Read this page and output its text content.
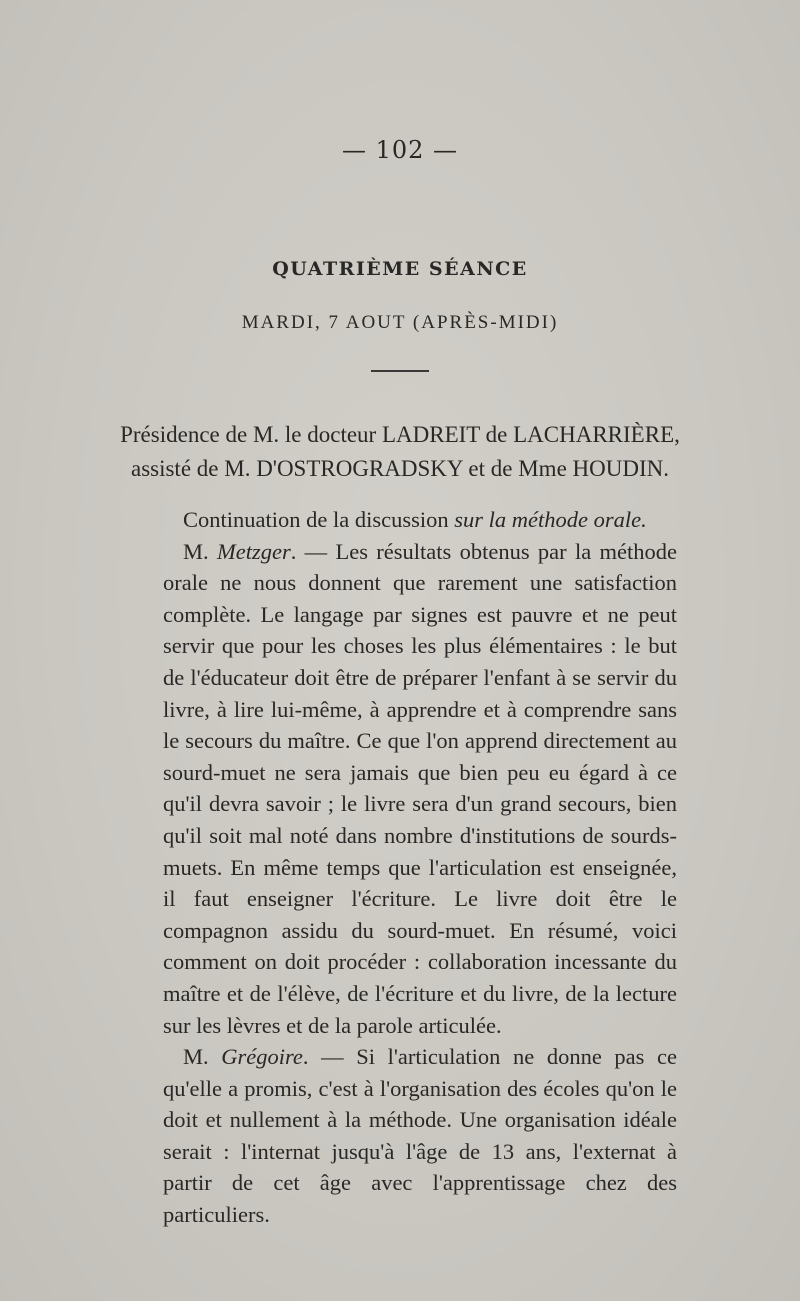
— 102 —
QUATRIÈME SÉANCE
MARDI, 7 AOUT (APRÈS-MIDI)
Présidence de M. le docteur LADREIT de LACHARRIÈRE,
assisté de M. D'OSTROGRADSKY et de Mme HOUDIN.

Continuation de la discussion sur la méthode orale.

M. Metzger. — Les résultats obtenus par la méthode orale ne nous donnent que rarement une satisfaction complète. Le langage par signes est pauvre et ne peut servir que pour les choses les plus élémentaires : le but de l'éducateur doit être de préparer l'enfant à se servir du livre, à lire lui-même, à apprendre et à comprendre sans le secours du maître. Ce que l'on apprend directement au sourd-muet ne sera jamais que bien peu eu égard à ce qu'il devra savoir ; le livre sera d'un grand secours, bien qu'il soit mal noté dans nombre d'institutions de sourds-muets. En même temps que l'articulation est enseignée, il faut enseigner l'écriture. Le livre doit être le compagnon assidu du sourd-muet. En résumé, voici comment on doit procéder : collaboration incessante du maître et de l'élève, de l'écriture et du livre, de la lecture sur les lèvres et de la parole articulée.

M. Grégoire. — Si l'articulation ne donne pas ce qu'elle a promis, c'est à l'organisation des écoles qu'on le doit et nullement à la méthode. Une organisation idéale serait : l'internat jusqu'à l'âge de 13 ans, l'externat à partir de cet âge avec l'apprentissage chez des particuliers.
